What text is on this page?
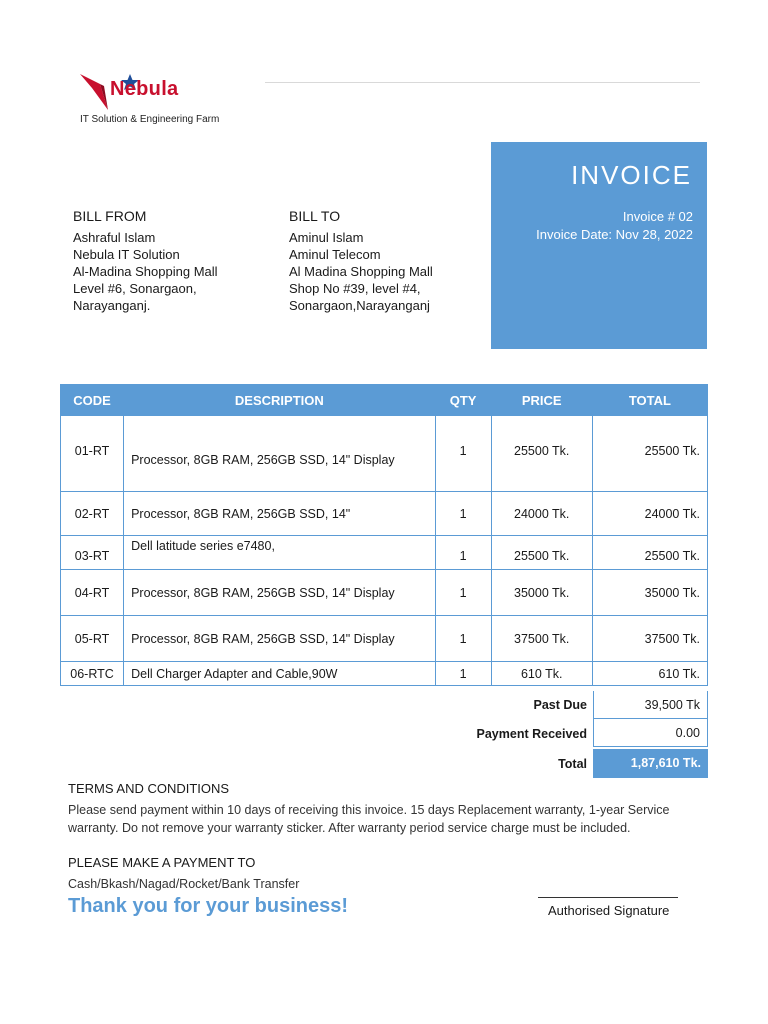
Nebula
IT Solution & Engineering Farm
INVOICE
Invoice # 02
Invoice Date: Nov 28, 2022
BILL FROM
Ashraful Islam
Nebula IT Solution
Al-Madina Shopping Mall
Level #6, Sonargaon,
Narayanganj.
BILL TO
Aminul Islam
Aminul Telecom
Al Madina Shopping Mall
Shop No #39, level #4,
Sonargaon,Narayanganj
CODE	DESCRIPTION	QTY	PRICE	TOTAL
01-RT	Processor, 8GB RAM, 256GB SSD, 14" Display	1	25500 Tk.	25500 Tk.
02-RT	Processor, 8GB RAM, 256GB SSD, 14"	1	24000 Tk.	24000 Tk.
03-RT	Dell latitude series e7480,	1	25500 Tk.	25500 Tk.
04-RT	Processor, 8GB RAM, 256GB SSD, 14" Display	1	35000 Tk.	35000 Tk.
05-RT	Processor, 8GB RAM, 256GB SSD, 14" Display	1	37500 Tk.	37500 Tk.
06-RTC	Dell Charger Adapter and Cable,90W	1	610 Tk.	610 Tk.
Past Due	39,500 Tk
Payment Received	0.00
Total	1,87,610 Tk.
TERMS AND CONDITIONS
Please send payment within 10 days of receiving this invoice. 15 days Replacement warranty, 1-year Service warranty. Do not remove your warranty sticker. After warranty period service charge must be included.
PLEASE MAKE A PAYMENT TO
Cash/Bkash/Nagad/Rocket/Bank Transfer
Thank you for your business!	Authorised Signature
